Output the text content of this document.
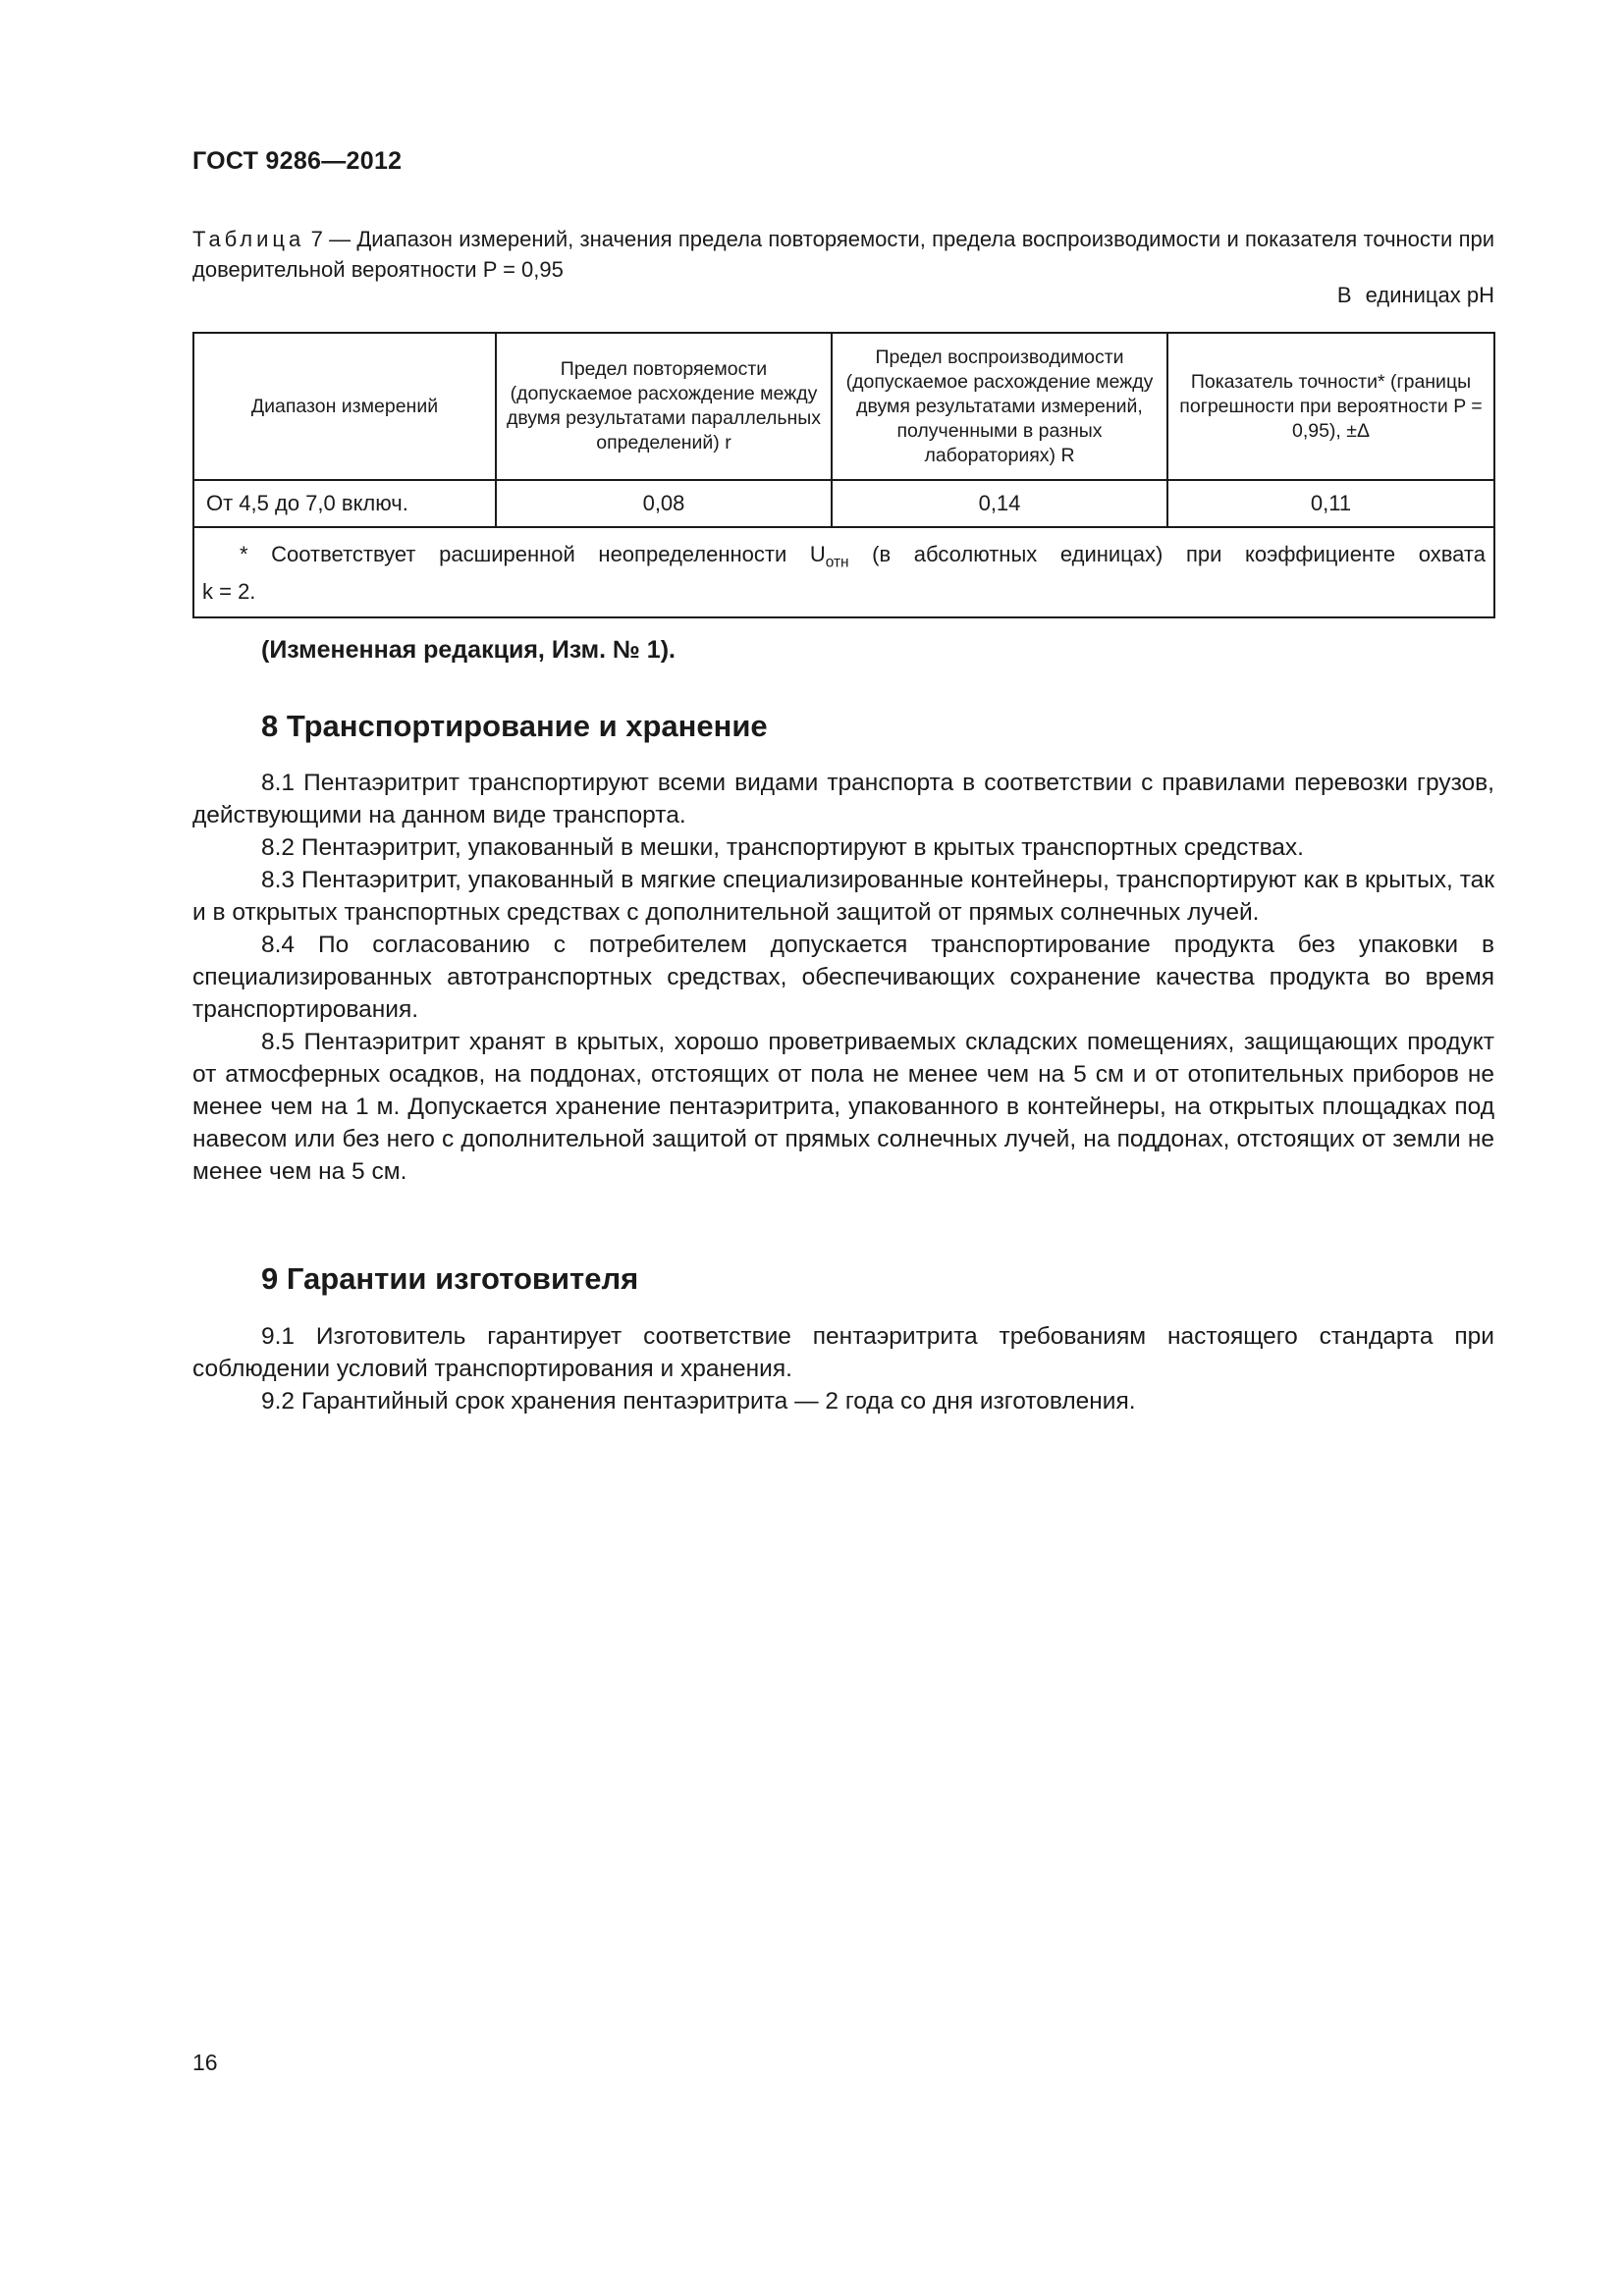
ГОСТ 9286—2012
Таблица 7 — Диапазон измерений, значения предела повторяемости, предела воспроизводимости и показателя точности при доверительной вероятности P = 0,95
В единицах pH
Диапазон измерений	Предел повторяемости (допускаемое расхождение между двумя результатами параллельных определений) r	Предел воспроизводимости (допускаемое расхождение между двумя результатами измерений, полученными в разных лабораториях) R	Показатель точности* (границы погрешности при вероятности P = 0,95), ±Δ
От 4,5 до 7,0 включ.	0,08	0,14	0,11

* Соответствует расширенной неопределенности $U_{отн}$ (в абсолютных единицах) при коэффициенте охвата
k = 2.			
(Измененная редакция, Изм. № 1).
8 Транспортирование и хранение

8.1 Пентаэритрит транспортируют всеми видами транспорта в соответствии с правилами перевозки грузов, действующими на данном виде транспорта.

8.2 Пентаэритрит, упакованный в мешки, транспортируют в крытых транспортных средствах.

8.3 Пентаэритрит, упакованный в мягкие специализированные контейнеры, транспортируют как в крытых, так и в открытых транспортных средствах с дополнительной защитой от прямых солнечных лучей.

8.4 По согласованию с потребителем допускается транспортирование продукта без упаковки в специализированных автотранспортных средствах, обеспечивающих сохранение качества продукта во время транспортирования.

8.5 Пентаэритрит хранят в крытых, хорошо проветриваемых складских помещениях, защищающих продукт от атмосферных осадков, на поддонах, отстоящих от пола не менее чем на 5 см и от отопительных приборов не менее чем на 1 м. Допускается хранение пентаэритрита, упакованного в контейнеры, на открытых площадках под навесом или без него с дополнительной защитой от прямых солнечных лучей, на поддонах, отстоящих от земли не менее чем на 5 см.

9 Гарантии изготовителя

9.1 Изготовитель гарантирует соответствие пентаэритрита требованиям настоящего стандарта при соблюдении условий транспортирования и хранения.

9.2 Гарантийный срок хранения пентаэритрита — 2 года со дня изготовления.

16
